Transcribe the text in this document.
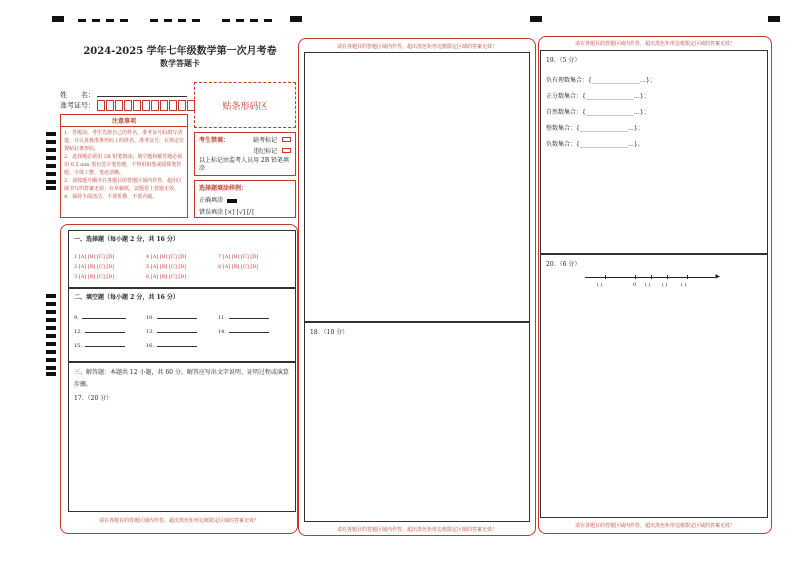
2024-2025 学年七年级数学第一次月考卷
数学答题卡
姓　　名：
准考证号：	贴条形码区
注意事项
1．答题前，考生先将自己的姓名，准考证号码填写清楚，并认真核准条形码上的姓名、准考证号，在规定位置贴好条形码。
2．选择题必须用 2B 铅笔填涂；填空题和解答题必须用 0.5 mm 黑色签字笔答题，不得用铅笔或圆珠笔答题；字体工整、笔迹清晰。
3．请按题号顺序在各题目的答题区域内作答，超出区域书写的答案无效；在草稿纸、试题卷上答题无效。
4．保持卡面清洁，不要折叠、不要弄破。
考生禁填：	缺考标记
违纪标记
以上标记由监考人员用 2B 铅笔填涂
选择题填涂样例：
正确填涂
错误填涂 [×] [√] [/]
一、选择题（每小题 2 分，共 16 分）
1 [A] [B] [C] [D]	4 [A] [B] [C] [D]	7 [A] [B] [C] [D]
2 [A] [B] [C] [D]	5 [A] [B] [C] [D]	8 [A] [B] [C] [D]
3 [A] [B] [C] [D]	6 [A] [B] [C] [D]
二、填空题（每小题 2 分，共 16 分）
9．	10．	11．
12．	13．	14．
15．	16．
三、解答题：本题共 12 小题，共 60 分。解答应写出文字说明、证明过程或演算步骤。
17．（20 分）
请在各题目的答题区域内作答，超出黑色矩形边框限定区域的答案无效！
请在各题目的答题区域内作答，超出黑色矩形边框限定区域的答案无效！
18．（10 分）
请在各题目的答题区域内作答，超出黑色矩形边框限定区域的答案无效！
请在各题目的答题区域内作答，超出黑色矩形边框限定区域的答案无效！
19．（5 分）
负有理数集合：{________________…}；
正分数集合：{________________…}；
自然数集合：{________________…}；
整数集合：{________________…}；
负数集合：{________________…}。
20．（6 分）
▶
( )	0 ( ) ( )	( )
请在各题目的答题区域内作答，超出黑色矩形边框限定区域的答案无效！
